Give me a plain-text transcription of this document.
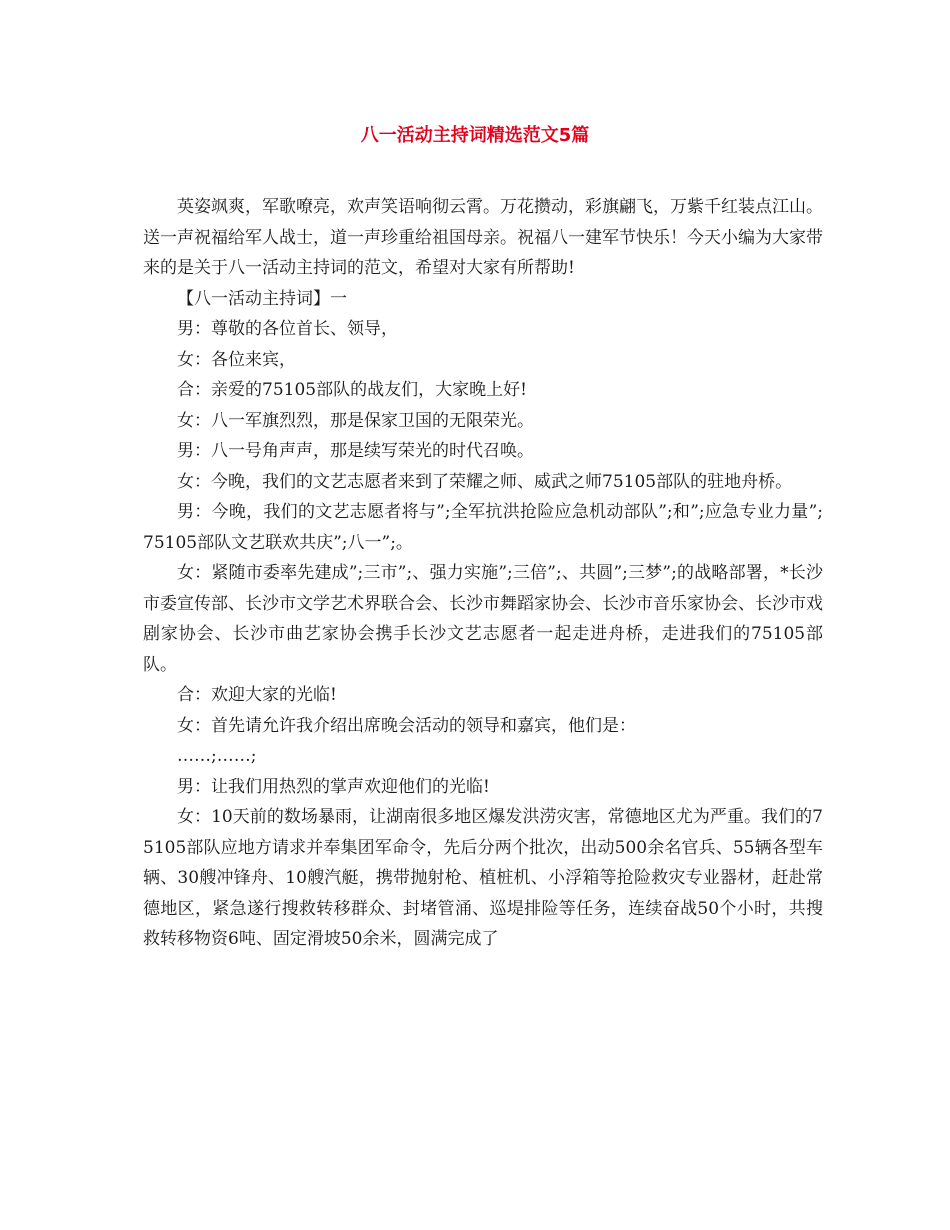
八一活动主持词精选范文5篇

英姿飒爽，军歌嘹亮，欢声笑语响彻云霄。万花攒动，彩旗翩飞，万紫千红装点江山。送一声祝福给军人战士，道一声珍重给祖国母亲。祝福八一建军节快乐！今天小编为大家带来的是关于八一活动主持词的范文，希望对大家有所帮助!

【八一活动主持词】一

男：尊敬的各位首长、领导，

女：各位来宾，

合：亲爱的75105部队的战友们，大家晚上好!

女：八一军旗烈烈，那是保家卫国的无限荣光。

男：八一号角声声，那是续写荣光的时代召唤。

女：今晚，我们的文艺志愿者来到了荣耀之师、威武之师75105部队的驻地舟桥。

男：今晚，我们的文艺志愿者将与”;全军抗洪抢险应急机动部队”;和”;应急专业力量”;75105部队文艺联欢共庆”;八一”;。

女：紧随市委率先建成”;三市”;、强力实施”;三倍”;、共圆”;三梦”;的战略部署，*长沙市委宣传部、长沙市文学艺术界联合会、长沙市舞蹈家协会、长沙市音乐家协会、长沙市戏剧家协会、长沙市曲艺家协会携手长沙文艺志愿者一起走进舟桥，走进我们的75105部队。

合：欢迎大家的光临!

女：首先请允许我介绍出席晚会活动的领导和嘉宾，他们是：

……;……;

男：让我们用热烈的掌声欢迎他们的光临!

女：10天前的数场暴雨，让湖南很多地区爆发洪涝灾害，常德地区尤为严重。我们的75105部队应地方请求并奉集团军命令，先后分两个批次，出动500余名官兵、55辆各型车辆、30艘冲锋舟、10艘汽艇，携带抛射枪、植桩机、小浮箱等抢险救灾专业器材，赶赴常德地区，紧急遂行搜救转移群众、封堵管涌、巡堤排险等任务，连续奋战50个小时，共搜救转移物资6吨、固定滑坡50余米，圆满完成了
